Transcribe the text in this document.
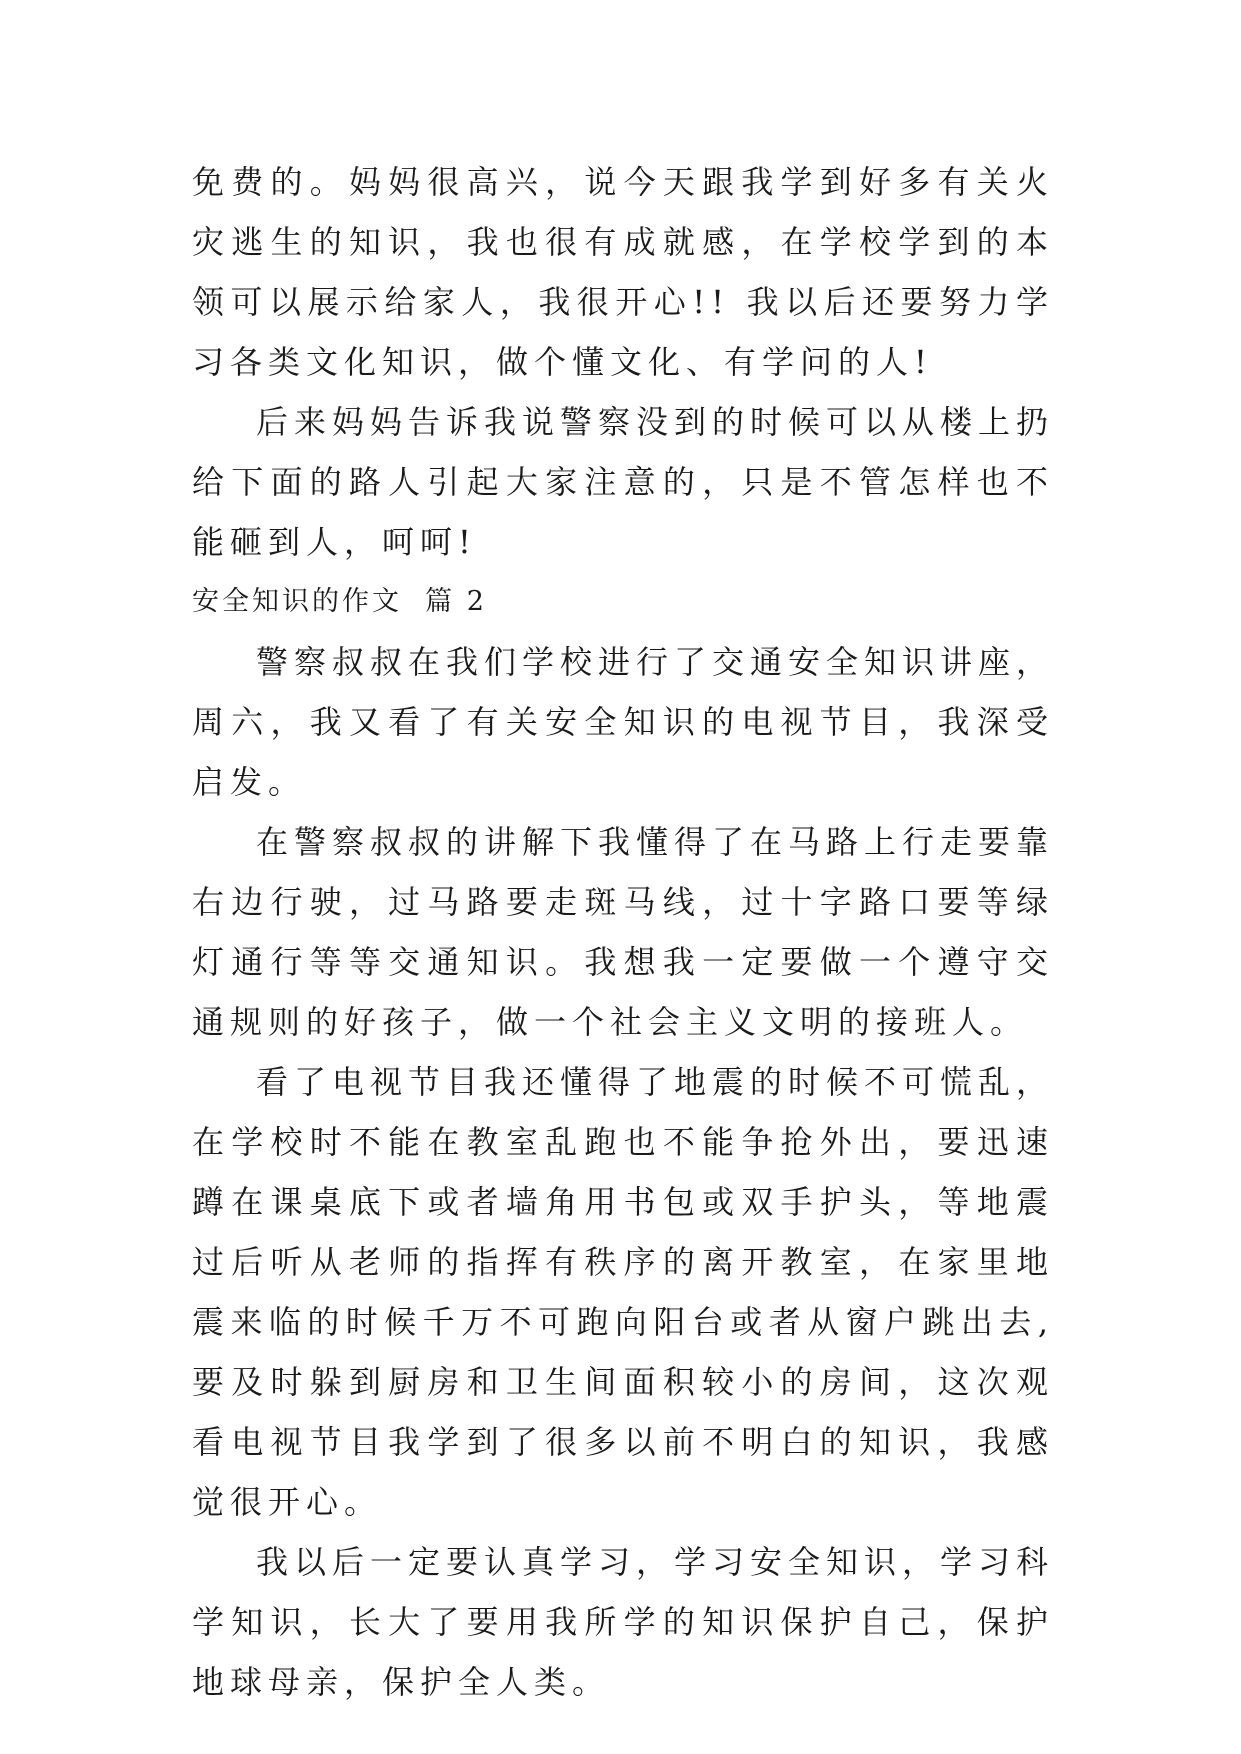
免费的。妈妈很高兴，说今天跟我学到好多有关火灾逃生的知识，我也很有成就感，在学校学到的本领可以展示给家人，我很开心!! 我以后还要努力学习各类文化知识，做个懂文化、有学问的人!

后来妈妈告诉我说警察没到的时候可以从楼上扔给下面的路人引起大家注意的，只是不管怎样也不能砸到人，呵呵!

安全知识的作文  篇 2

警察叔叔在我们学校进行了交通安全知识讲座，周六，我又看了有关安全知识的电视节目，我深受启发。

在警察叔叔的讲解下我懂得了在马路上行走要靠右边行驶，过马路要走斑马线，过十字路口要等绿灯通行等等交通知识。我想我一定要做一个遵守交通规则的好孩子，做一个社会主义文明的接班人。

看了电视节目我还懂得了地震的时候不可慌乱，在学校时不能在教室乱跑也不能争抢外出，要迅速蹲在课桌底下或者墙角用书包或双手护头，等地震过后听从老师的指挥有秩序的离开教室，在家里地震来临的时候千万不可跑向阳台或者从窗户跳出去,要及时躲到厨房和卫生间面积较小的房间，这次观看电视节目我学到了很多以前不明白的知识，我感觉很开心。

我以后一定要认真学习，学习安全知识，学习科学知识，长大了要用我所学的知识保护自己，保护地球母亲，保护全人类。
